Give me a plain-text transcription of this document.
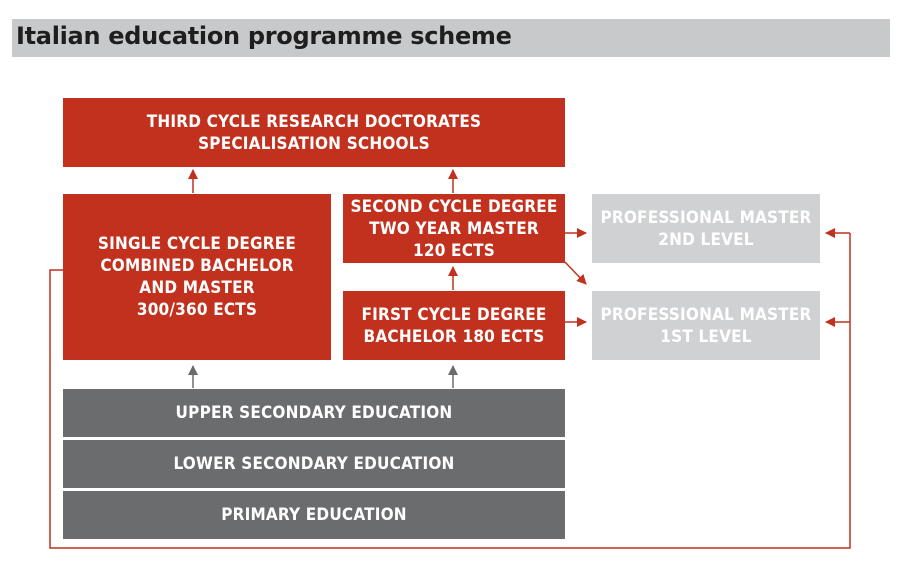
Italian education programme scheme
THIRD CYCLE RESEARCH DOCTORATES
SPECIALISATION SCHOOLS
SINGLE CYCLE DEGREE
COMBINED BACHELOR
AND MASTER
300/360 ECTS
SECOND CYCLE DEGREE
TWO YEAR MASTER
120 ECTS
FIRST CYCLE DEGREE
BACHELOR 180 ECTS
PROFESSIONAL MASTER
2ND LEVEL
PROFESSIONAL MASTER
1ST LEVEL
UPPER SECONDARY EDUCATION
LOWER SECONDARY EDUCATION
PRIMARY EDUCATION
